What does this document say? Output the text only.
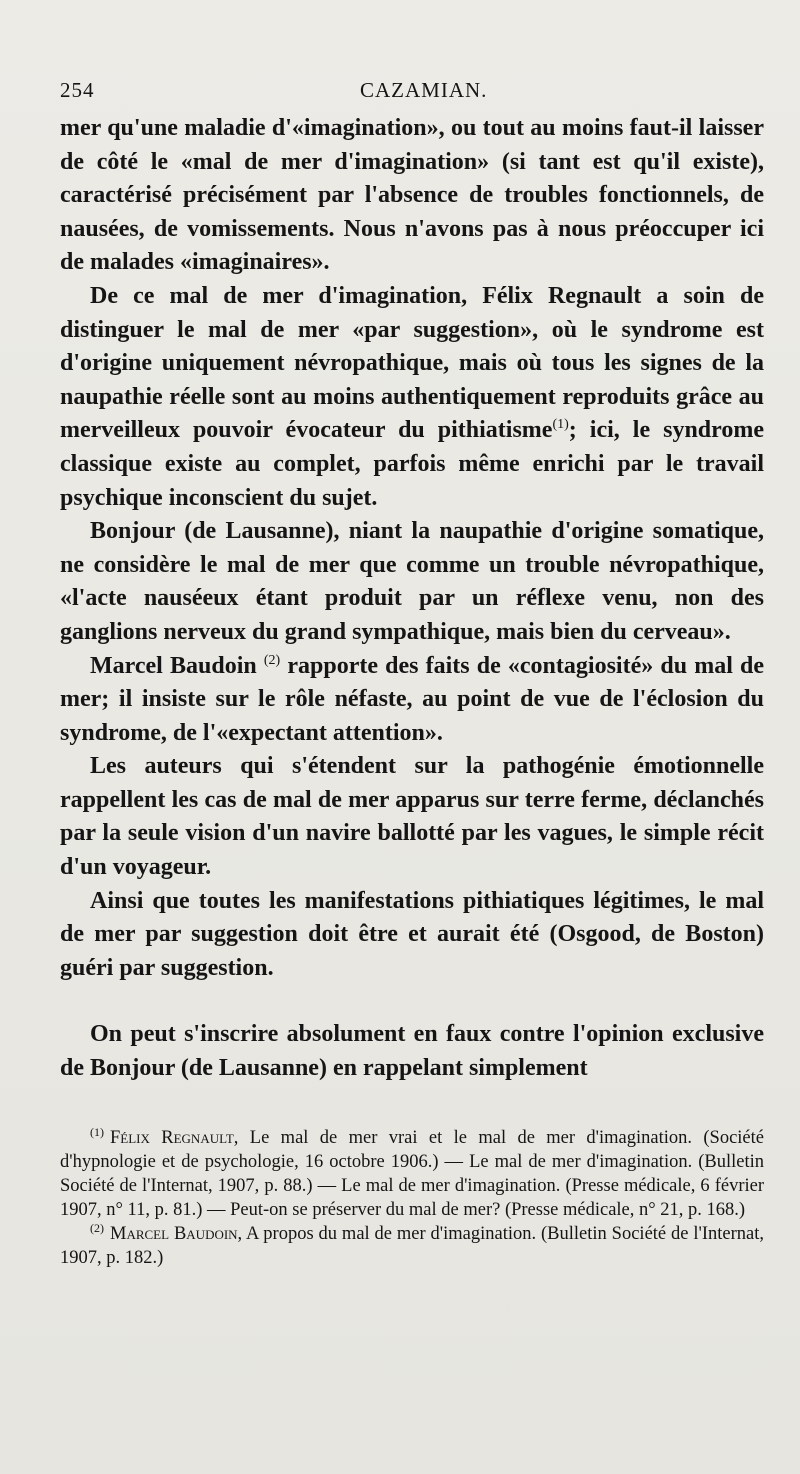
254	CAZAMIAN.

mer qu'une maladie d'«imagination», ou tout au moins faut-il laisser de côté le «mal de mer d'imagination» (si tant est qu'il existe), caractérisé précisément par l'absence de troubles fonctionnels, de nausées, de vomissements. Nous n'avons pas à nous préoccuper ici de malades «imaginaires».

De ce mal de mer d'imagination, Félix Regnault a soin de distinguer le mal de mer «par suggestion», où le syndrome est d'origine uniquement névropathique, mais où tous les signes de la naupathie réelle sont au moins authentiquement reproduits grâce au merveilleux pouvoir évocateur du pithiatisme$^{(1)}$; ici, le syndrome classique existe au complet, parfois même enrichi par le travail psychique inconscient du sujet.

Bonjour (de Lausanne), niant la naupathie d'origine somatique, ne considère le mal de mer que comme un trouble névropathique, «l'acte nauséeux étant produit par un réflexe venu, non des ganglions nerveux du grand sympathique, mais bien du cerveau».

Marcel Baudoin $^{(2)}$ rapporte des faits de «contagiosité» du mal de mer; il insiste sur le rôle néfaste, au point de vue de l'éclosion du syndrome, de l'«expectant attention».

Les auteurs qui s'étendent sur la pathogénie émotionnelle rappellent les cas de mal de mer apparus sur terre ferme, déclanchés par la seule vision d'un navire ballotté par les vagues, le simple récit d'un voyageur.

Ainsi que toutes les manifestations pithiatiques légitimes, le mal de mer par suggestion doit être et aurait été (Osgood, de Boston) guéri par suggestion.

On peut s'inscrire absolument en faux contre l'opinion exclusive de Bonjour (de Lausanne) en rappelant simplement

$^{(1)}$ Félix Regnault, Le mal de mer vrai et le mal de mer d'imagination. (Société d'hypnologie et de psychologie, 16 octobre 1906.) — Le mal de mer d'imagination. (Bulletin Société de l'Internat, 1907, p. 88.) — Le mal de mer d'imagination. (Presse médicale, 6 février 1907, n° 11, p. 81.) — Peut-on se préserver du mal de mer? (Presse médicale, n° 21, p. 168.)

$^{(2)}$ Marcel Baudoin, A propos du mal de mer d'imagination. (Bulletin Société de l'Internat, 1907, p. 182.)
